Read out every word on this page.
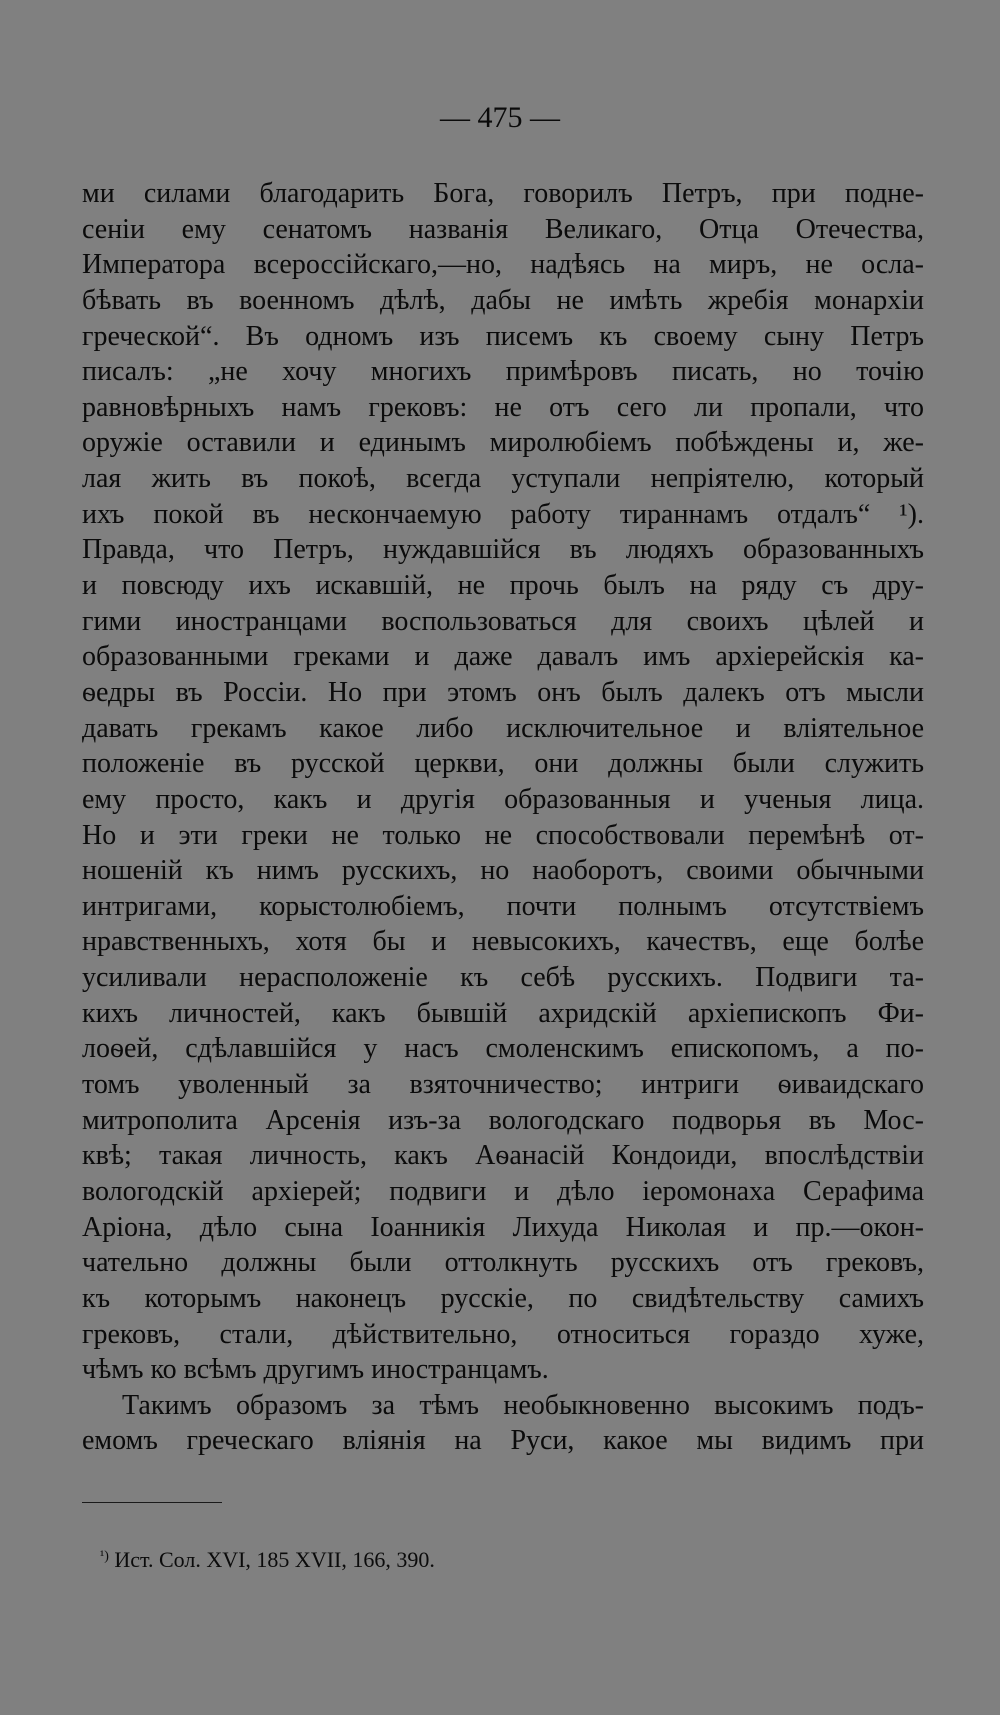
— 475 —
ми силами благодарить Бога, говорилъ Петръ, при подне-
сеніи ему сенатомъ названія Великаго, Отца Отечества,
Императора всероссійскаго,—но, надѣясь на миръ, не осла-
бѣвать въ военномъ дѣлѣ, дабы не имѣть жребія монархіи
греческой“. Въ одномъ изъ писемъ къ своему сыну Петръ
писалъ: „не хочу многихъ примѣровъ писать, но точію
равновѣрныхъ намъ грековъ: не отъ сего ли пропали, что
оружіе оставили и единымъ миролюбіемъ побѣждены и, же-
лая жить въ покоѣ, всегда уступали непріятелю, который
ихъ покой въ нескончаемую работу тираннамъ отдалъ“ ¹).
Правда, что Петръ, нуждавшійся въ людяхъ образованныхъ
и повсюду ихъ искавшій, не прочь былъ на ряду съ дру-
гими иностранцами воспользоваться для своихъ цѣлей и
образованными греками и даже давалъ имъ архіерейскія ка-
ѳедры въ Россіи. Но при этомъ онъ былъ далекъ отъ мысли
давать грекамъ какое либо исключительное и вліятельное
положеніе въ русской церкви, они должны были служить
ему просто, какъ и другія образованныя и ученыя лица.
Но и эти греки не только не способствовали перемѣнѣ от-
ношеній къ нимъ русскихъ, но наоборотъ, своими обычными
интригами, корыстолюбіемъ, почти полнымъ отсутствіемъ
нравственныхъ, хотя бы и невысокихъ, качествъ, еще болѣе
усиливали нерасположеніе къ себѣ русскихъ. Подвиги та-
кихъ личностей, какъ бывшій ахридскій архіепископъ Фи-
лоѳей, сдѣлавшійся у насъ смоленскимъ епископомъ, а по-
томъ уволенный за взяточничество; интриги ѳиваидскаго
митрополита Арсенія изъ-за вологодскаго подворья въ Мос-
квѣ; такая личность, какъ Аѳанасій Кондоиди, впослѣдствіи
вологодскій архіерей; подвиги и дѣло іеромонаха Серафима
Аріона, дѣло сына Іоанникія Лихуда Николая и пр.—окон-
чательно должны были оттолкнуть русскихъ отъ грековъ,
къ которымъ наконецъ русскіе, по свидѣтельству самихъ
грековъ, стали, дѣйствительно, относиться гораздо хуже,
чѣмъ ко всѣмъ другимъ иностранцамъ.
Такимъ образомъ за тѣмъ необыкновенно высокимъ подъ-
емомъ греческаго вліянія на Руси, какое мы видимъ при
$^{^1)}$ Ист. Сол. XVI, 185 XVII, 166, 390.
